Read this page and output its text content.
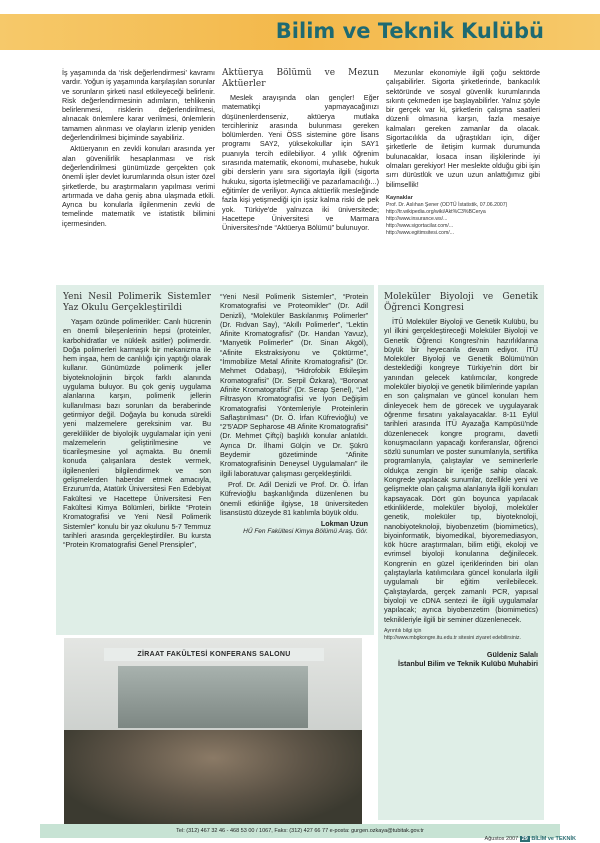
Bilim ve Teknik Kulübü

İş yaşamında da ‘risk değerlendirmesi’ kavramı vardır. Yoğun iş yaşamında karşılaşılan sorunlar ve sorunların şirketi nasıl etkileyeceği belirlenir. Risk değerlendirmesinin adımların, tehlikenin belirlenmesi, risklerin değerlendirilmesi, alınacak önlemlere karar verilmesi, önlemlerin tamamen alınması ve olayların izlenip yeniden değerlendirilmesi biçiminde sayabiliriz.

Aktüeryanın en zevkli konuları arasında yer alan güvenilirlik hesaplanması ve risk değerlendirilmesi günümüzde gerçekten çok önemli işler devlet kurumlarında olsun ister özel şirketlerde, bu araştırmaların yapılması verimi artırmada ve daha geniş abna ulaşmada etkili. Ayrıca bu konularla ilgilenmenin zevki de temelinde matematik ve istatistik bilimini içermesinden.

Aktüerya Bölümü ve Mezun Aktüerler

Meslek arayışında olan gençler! Eğer matematikçi yapmayacağınızı düşünenlerdenseniz, aktüerya mutlaka tercihleriniz arasında bulunması gereken bölümlerden. Yeni ÖSS sistemine göre lisans programı SAY2, yüksekokullar için SAY1 puanıyla tercih edilebiliyor. 4 yıllık öğrenim sırasında matematik, ekonomi, muhasebe, hukuk gibi derslerin yanı sıra sigortayla ilgili (sigorta hukuku, sigorta işletmeciliği ve pazarlamacılığı...) eğitimler de veriliyor. Ayrıca aktüerlik mesleğinde fazla kişi yetişmediği için işsiz kalma riski de pek yok. Türkiye'de yalnızca iki üniversitede; Hacettepe Üniversitesi ve Marmara Üniversitesi'nde “Aktüerya Bölümü” bulunuyor.

Mezunlar ekonomiyle ilgili çoğu sektörde çalışabilirler. Sigorta şirketlerinde, bankacılık sektöründe ve sosyal güvenlik kurumlarında sıkıntı çekmeden işe başlayabilirler. Yalnız şöyle bir gerçek var ki, şirketlerin çalışma saatleri düzenli olmasına karşın, fazla mesaiye kalmaları gereken zamanlar da olacak. Sigortacılıkla da uğraştıkları için, diğer şirketlerle de iletişim kurmak durumunda bulunacaklar, kısaca insan ilişkilerinde iyi olmaları gerekiyor! Her meslekte olduğu gibi işin sırrı dürüstlük ve uzun uzun anlattığımız gibi bilimsellik!

Kaynaklar
Prof. Dr. Aslıhan Şener (ODTÜ İstatistik, 07.06.2007)
http://tr.wikipedia.org/wiki/Akt%C3%BCerya
http://www.insurance.ws/...
http://www.sigortacilar.com/...
http://www.egitimsitesi.com/...
Yeni Nesil Polimerik Sistemler Yaz Okulu Gerçekleştirildi

Yaşam özünde polimerikler: Canlı hücrenin en önemli bileşenlerinin hepsi (proteinler, karbohidratlar ve nükleik asitler) polimerdir. Doğa polimerleri karmaşık bir mekanizma ile hem inşaa, hem de canlılığı için yaptığı olarak kullanır. Günümüzde polimerik jeller biyoteknolojinin birçok farklı alanında uygulama buluyor. Bu çok geniş uygulama alanlarına karşın, polimerik jellerin kullanılması bazı sorunları da beraberinde getirmiyor değil. Doğayla bu konuda sürekli yeni malzemelere gereksinim var. Bu gereklilikler de biyolojik uygulamalar için yeni malzemelerin geliştirilmesine ve ticarileşmesine yol açmakta. Bu önemli konuda çalışanlara destek vermek, ilgilenenleri bilgilendirmek ve son gelişmelerden haberdar etmek amacıyla, Erzurum'da, Atatürk Üniversitesi Fen Edebiyat Fakültesi ve Hacettepe Üniversitesi Fen Fakültesi Kimya Bölümleri, birlikte “Protein Kromatografisi ve Yeni Nesil Polimerik Sistemler” konulu bir yaz okulunu 5-7 Temmuz tarihleri arasında gerçekleştirdiler. Bu kursta “Protein Kromatografisi Genel Prensipler”,

“Yeni Nesil Polimerik Sistemler”, “Protein Kromatografisi ve Proteomikler” (Dr. Adil Denizli), “Moleküler Baskılanmış Polimerler” (Dr. Rıdvan Say), “Akıllı Polimerler”, “Lektin Afinite Kromatografisi” (Dr. Handan Yavuz), “Manyetik Polimerler” (Dr. Sinan Akgöl), “Afinite Ekstraksiyonu ve Çöktürme”, “İmmobilize Metal Afinite Kromatografisi” (Dr. Mehmet Odabaşı), “Hidrofobik Etkileşim Kromatografisi” (Dr. Serpil Özkara), “Boronat Afinite Kromatografisi” (Dr. Serap Şenel), “Jel Filtrasyon Kromatografisi ve İyon Değişim Kromatografisi Yöntemleriyle Proteinlerin Saflaştırılması” (Dr. Ö. İrfan Küfrevioğlu) ve “2'5'ADP Sepharose 4B Afinite Kromatografisi” (Dr. Mehmet Çiftçi) başlıklı konular anlatıldı. Ayrıca Dr. İlhami Gülçin ve Dr. Şükrü Beydemir gözetiminde “Afinite Kromatografisinin Deneysel Uygulamaları” ile ilgili laboratuvar çalışması gerçekleştirildi.

Prof. Dr. Adil Denizli ve Prof. Dr. Ö. İrfan Küfrevioğlu başkanlığında düzenlenen bu önemli etkinliğe ilgiyse, 18 üniversiteden lisansüstü düzeyde 81 katılımla büyük oldu.

Lokman Uzun
HÜ Fen Fakültesi Kimya Bölümü Araş. Gör.
ZİRAAT FAKÜLTESİ KONFERANS SALONU
Moleküler Biyoloji ve Genetik Öğrenci Kongresi

İTÜ Moleküler Biyoloji ve Genetik Kulübü, bu yıl ilkini gerçekleştireceği Moleküler Biyoloji ve Genetik Öğrenci Kongresi'nin hazırlıklarına büyük bir heyecanla devam ediyor. İTÜ Moleküler Biyoloji ve Genetik Bölümü'nün desteklediği kongreye Türkiye'nin dört bir yanından gelecek katılımcılar, kongrede moleküler biyoloji ve genetik bilimlerinde yapılan en son çalışmaları ve güncel konuları hem dinleyecek hem de görecek ve uygulayarak öğrenme fırsatını yakalayacaklar. 8-11 Eylül tarihleri arasında İTÜ Ayazağa Kampüsü'nde düzenlenecek kongre programı, davetli konuşmacıların yapacağı konferanslar, öğrenci sözlü sunumları ve poster sunumlarıyla, sertifika programlarıyla, çalıştaylar ve seminerlerle oldukça zengin bir içeriğe sahip olacak. Kongrede yapılacak sunumlar, özellikle yeni ve gelişmekte olan çalışma alanlarıyla ilgili konuları kapsayacak. Dört gün boyunca yapılacak etkinliklerde, moleküler biyoloji, moleküler genetik, moleküler tıp, biyoteknoloji, nanobiyoteknoloji, biyobenzetim (biomimetics), biyoinformatik, biyomedikal, biyoremediasyon, kök hücre araştırmaları, bilim etiği, ekoloji ve evrimsel biyoloji konularına değinilecek. Kongrenin en güzel içeriklerinden biri olan çalıştaylarla katılımcılara güncel konularla ilgili uygulamalı bir eğitim verilebilecek. Çalıştaylarda, gerçek zamanlı PCR, yapısal biyoloji ve cDNA sentezi ile ilgili uygulamalar yapılacak; ayrıca biyobenzetim (biomimetics) teknikleriyle ilgili bir seminer düzenlenecek.

Ayrıntılı bilgi için
http://www.mbgkongre.itu.edu.tr sitesini ziyaret edebilirsiniz.
Güldeniz Salalı
İstanbul Bilim ve Teknik Kulübü Muhabiri
Tel: (312) 467 32 46 - 468 53 00 / 1067, Faks: (312) 427 66 77 e-posta: gurgen.ozkaya@tubitak.gov.tr
Ağustos 2007 29 BİLİM ve TEKNİK
